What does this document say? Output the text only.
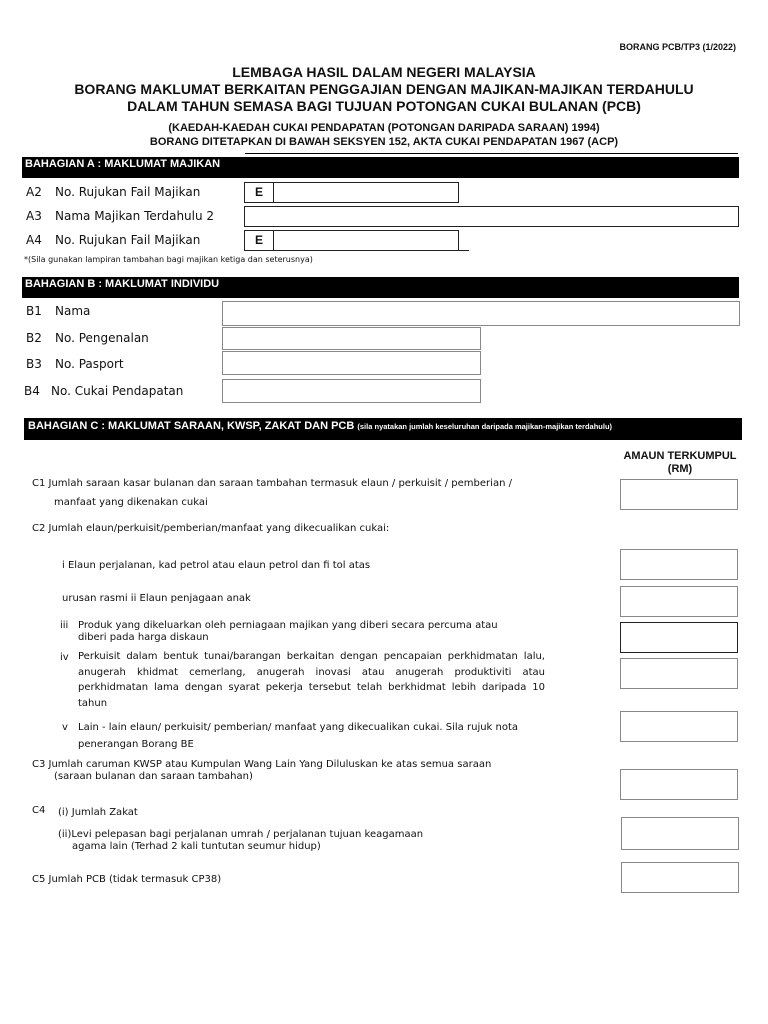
BORANG PCB/TP3 (1/2022)
LEMBAGA HASIL DALAM NEGERI MALAYSIA
BORANG MAKLUMAT BERKAITAN PENGGAJIAN DENGAN MAJIKAN-MAJIKAN TERDAHULU
DALAM TAHUN SEMASA BAGI TUJUAN POTONGAN CUKAI BULANAN (PCB)
(KAEDAH-KAEDAH CUKAI PENDAPATAN (POTONGAN DARIPADA SARAAN) 1994)
BORANG DITETAPKAN DI BAWAH SEKSYEN 152, AKTA CUKAI PENDAPATAN 1967 (ACP)
BAHAGIAN A : MAKLUMAT MAJIKAN
A2 No. Rujukan Fail Majikan	E
A3 Nama Majikan Terdahulu 2
A4 No. Rujukan Fail Majikan	E
*(Sila gunakan lampiran tambahan bagi majikan ketiga dan seterusnya)
BAHAGIAN B : MAKLUMAT INDIVIDU
B1 Nama
B2 No. Pengenalan
B3 No. Pasport
B4 No. Cukai Pendapatan
BAHAGIAN C : MAKLUMAT SARAAN, KWSP, ZAKAT DAN PCB (sila nyatakan jumlah keseluruhan daripada majikan-majikan terdahulu)
AMAUN TERKUMPUL
(RM)
C1 Jumlah saraan kasar bulanan dan saraan tambahan termasuk elaun / perkuisit / pemberian /
manfaat yang dikenakan cukai
C2 Jumlah elaun/perkuisit/pemberian/manfaat yang dikecualikan cukai:
i Elaun perjalanan, kad petrol atau elaun petrol dan fi tol atas
urusan rasmi ii Elaun penjagaan anak
iii Produk yang dikeluarkan oleh perniagaan majikan yang diberi secara percuma atau
diberi pada harga diskaun
iv Perkuisit dalam bentuk tunai/barangan berkaitan dengan pencapaian perkhidmatan lalu, anugerah khidmat cemerlang, anugerah inovasi atau anugerah produktiviti atau perkhidmatan lama dengan syarat pekerja tersebut telah berkhidmat lebih daripada 10 tahun
v Lain - lain elaun/ perkuisit/ pemberian/ manfaat yang dikecualikan cukai. Sila rujuk nota
penerangan Borang BE
C3 Jumlah caruman KWSP atau Kumpulan Wang Lain Yang Diluluskan ke atas semua saraan
(saraan bulanan dan saraan tambahan)
C4 (i) Jumlah Zakat
(ii)Levi pelepasan bagi perjalanan umrah / perjalanan tujuan keagamaan
agama lain (Terhad 2 kali tuntutan seumur hidup)
C5 Jumlah PCB (tidak termasuk CP38)
